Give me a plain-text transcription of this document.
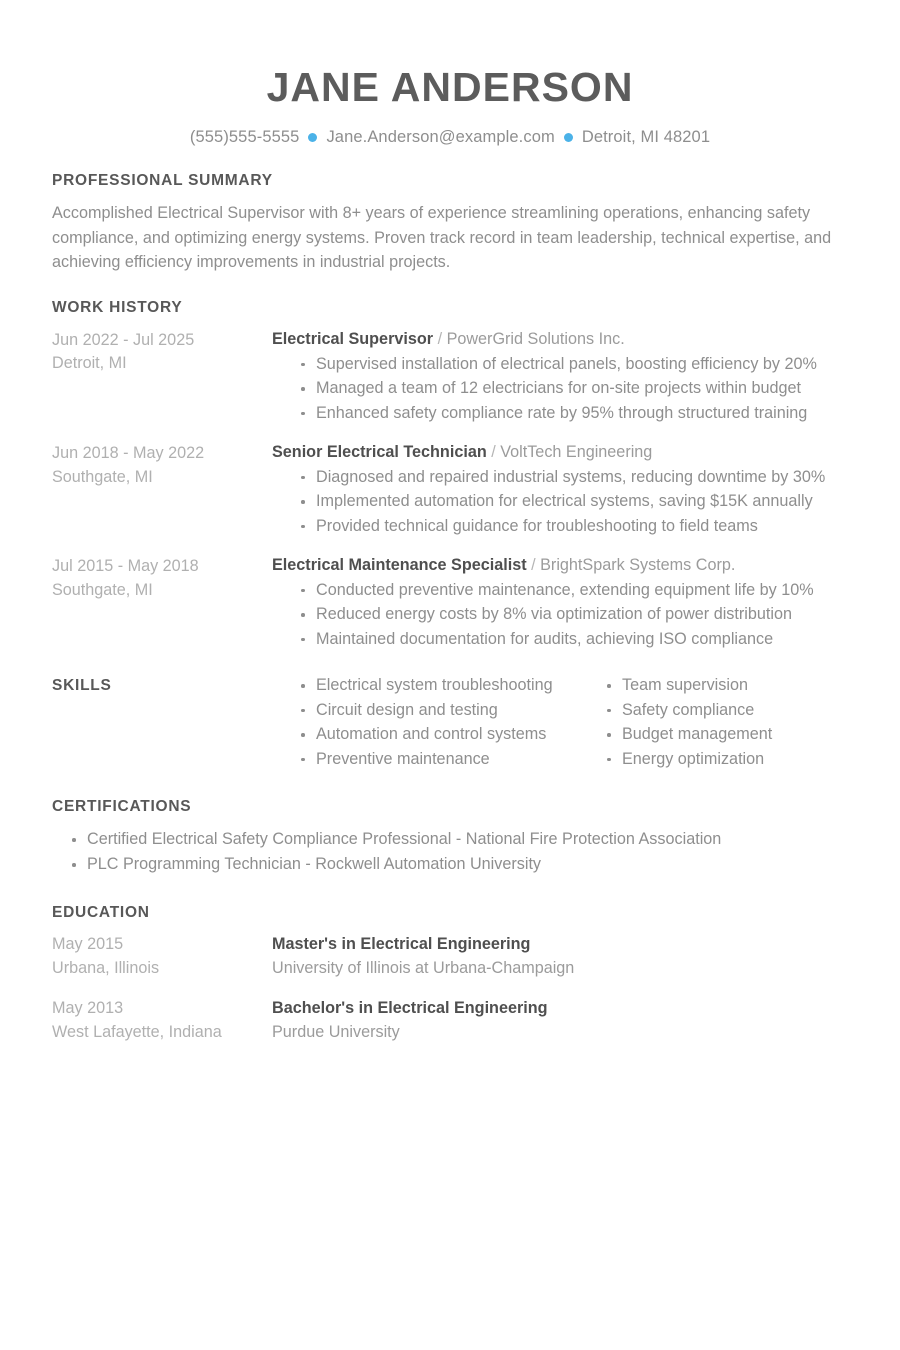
JANE ANDERSON
(555)555-5555 Jane.Anderson@example.com Detroit, MI 48201
PROFESSIONAL SUMMARY
Accomplished Electrical Supervisor with 8+ years of experience streamlining operations, enhancing safety compliance, and optimizing energy systems. Proven track record in team leadership, technical expertise, and achieving efficiency improvements in industrial projects.
WORK HISTORY
Jun 2022 - Jul 2025
Detroit, MI
Electrical Supervisor / PowerGrid Solutions Inc.
Supervised installation of electrical panels, boosting efficiency by 20%
Managed a team of 12 electricians for on-site projects within budget
Enhanced safety compliance rate by 95% through structured training
Jun 2018 - May 2022
Southgate, MI
Senior Electrical Technician / VoltTech Engineering
Diagnosed and repaired industrial systems, reducing downtime by 30%
Implemented automation for electrical systems, saving $15K annually
Provided technical guidance for troubleshooting to field teams
Jul 2015 - May 2018
Southgate, MI
Electrical Maintenance Specialist / BrightSpark Systems Corp.
Conducted preventive maintenance, extending equipment life by 10%
Reduced energy costs by 8% via optimization of power distribution
Maintained documentation for audits, achieving ISO compliance
SKILLS	Electrical system troubleshooting
Circuit design and testing
Automation and control systems
Preventive maintenance
Team supervision
Safety compliance
Budget management
Energy optimization
CERTIFICATIONS
Certified Electrical Safety Compliance Professional - National Fire Protection Association
PLC Programming Technician - Rockwell Automation University
EDUCATION
May 2015
Urbana, Illinois
Master's in Electrical Engineering
University of Illinois at Urbana-Champaign
May 2013
West Lafayette, Indiana
Bachelor's in Electrical Engineering
Purdue University
